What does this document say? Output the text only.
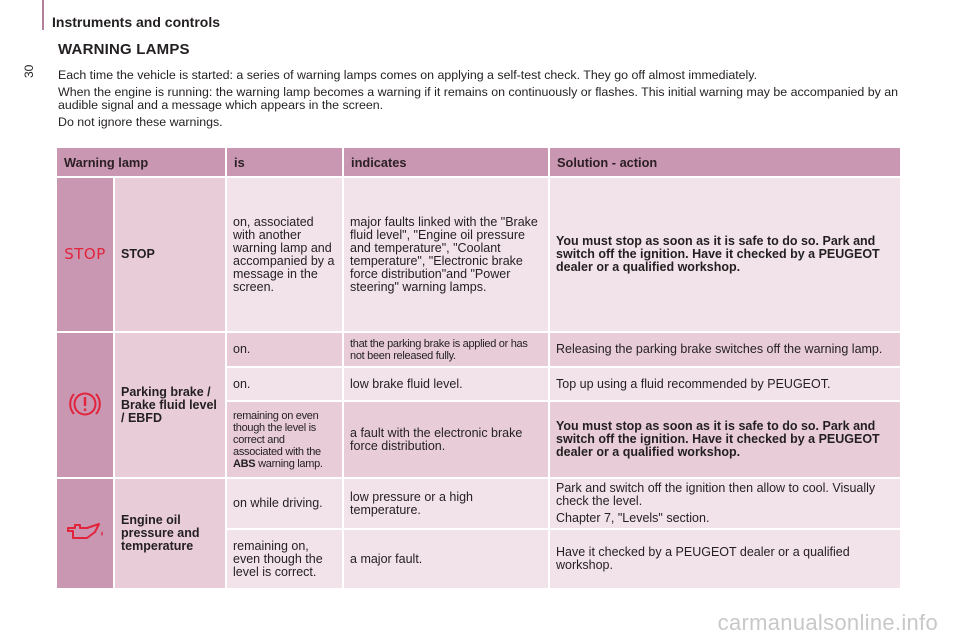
Instruments and controls
30
WARNING LAMPS

Each time the vehicle is started: a series of warning lamps comes on applying a self-test check. They go off almost immediately.

When the engine is running: the warning lamp becomes a warning if it remains on continuously or flashes. This initial warning may be accompanied by an audible signal and a message which appears in the screen.

Do not ignore these warnings.

Warning lamp		is	indicates	Solution - action
STOP	STOP	on, associated with another warning lamp and accompanied by a message in the screen.	major faults linked with the "Brake fluid level", "Engine oil pressure and temperature", "Coolant temperature", "Electronic brake force distribution"and "Power steering" warning lamps.	You must stop as soon as it is safe to do so. Park and switch off the ignition. Have it checked by a PEUGEOT dealer or a qualified workshop.
	Parking brake / Brake fluid level / EBFD	on.	that the parking brake is applied or has not been released fully.	Releasing the parking brake switches off the warning lamp.
		on.	low brake fluid level.	Top up using a fluid recommended by PEUGEOT.
		remaining on even though the level is correct and associated with the ABS warning lamp.	a fault with the electronic brake force distribution.	You must stop as soon as it is safe to do so. Park and switch off the ignition. Have it checked by a PEUGEOT dealer or a qualified workshop.
	Engine oil pressure and temperature	on while driving.	low pressure or a high temperature.	Park and switch off the ignition then allow to cool. Visually check the level.
Chapter 7, "Levels" section.

		remaining on, even though the level is correct.	a major fault.	Have it checked by a PEUGEOT dealer or a qualified workshop.
carmanualsonline.info
